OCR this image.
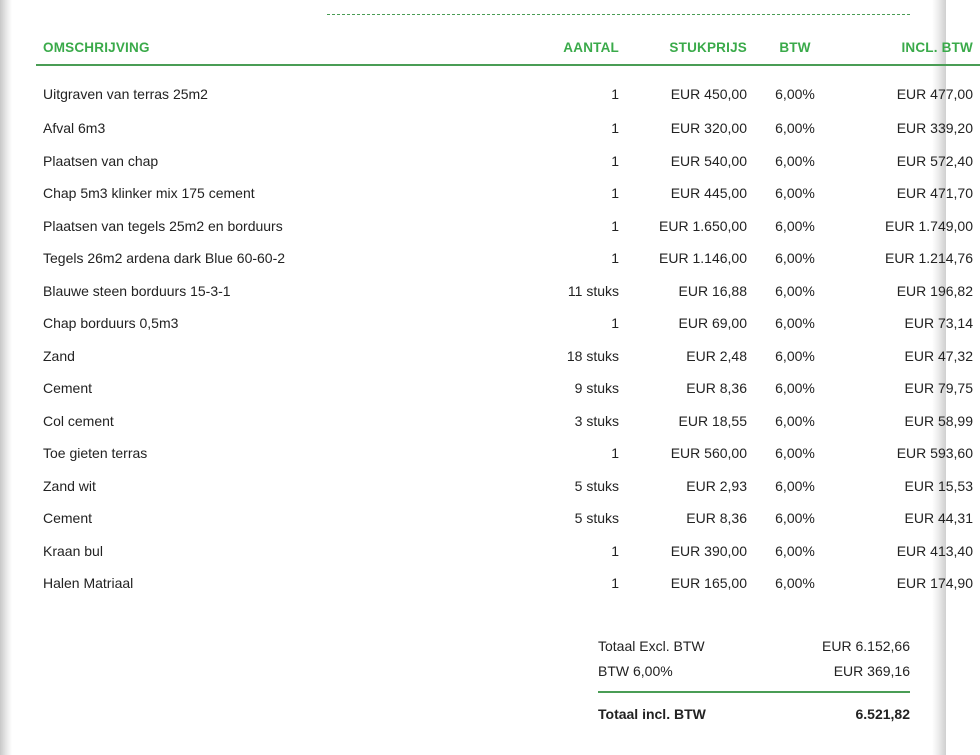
OMSCHRIJVING	AANTAL	STUKPRIJS	BTW	INCL. BTW
Uitgraven van terras 25m2	1	EUR 450,00	6,00%	EUR 477,00
Afval 6m3	1	EUR 320,00	6,00%	EUR 339,20
Plaatsen van chap	1	EUR 540,00	6,00%	EUR 572,40
Chap 5m3 klinker mix 175 cement	1	EUR 445,00	6,00%	EUR 471,70
Plaatsen van tegels 25m2 en borduurs	1	EUR 1.650,00	6,00%	EUR 1.749,00
Tegels 26m2 ardena dark Blue 60-60-2	1	EUR 1.146,00	6,00%	EUR 1.214,76
Blauwe steen borduurs 15-3-1	11 stuks	EUR 16,88	6,00%	EUR 196,82
Chap borduurs 0,5m3	1	EUR 69,00	6,00%	EUR 73,14
Zand	18 stuks	EUR 2,48	6,00%	EUR 47,32
Cement	9 stuks	EUR 8,36	6,00%	EUR 79,75
Col cement	3 stuks	EUR 18,55	6,00%	EUR 58,99
Toe gieten terras	1	EUR 560,00	6,00%	EUR 593,60
Zand wit	5 stuks	EUR 2,93	6,00%	EUR 15,53
Cement	5 stuks	EUR 8,36	6,00%	EUR 44,31
Kraan bul	1	EUR 390,00	6,00%	EUR 413,40
Halen Matriaal	1	EUR 165,00	6,00%	EUR 174,90
Totaal Excl. BTW	EUR 6.152,66
BTW 6,00%	EUR 369,16
Totaal incl. BTW	6.521,82
